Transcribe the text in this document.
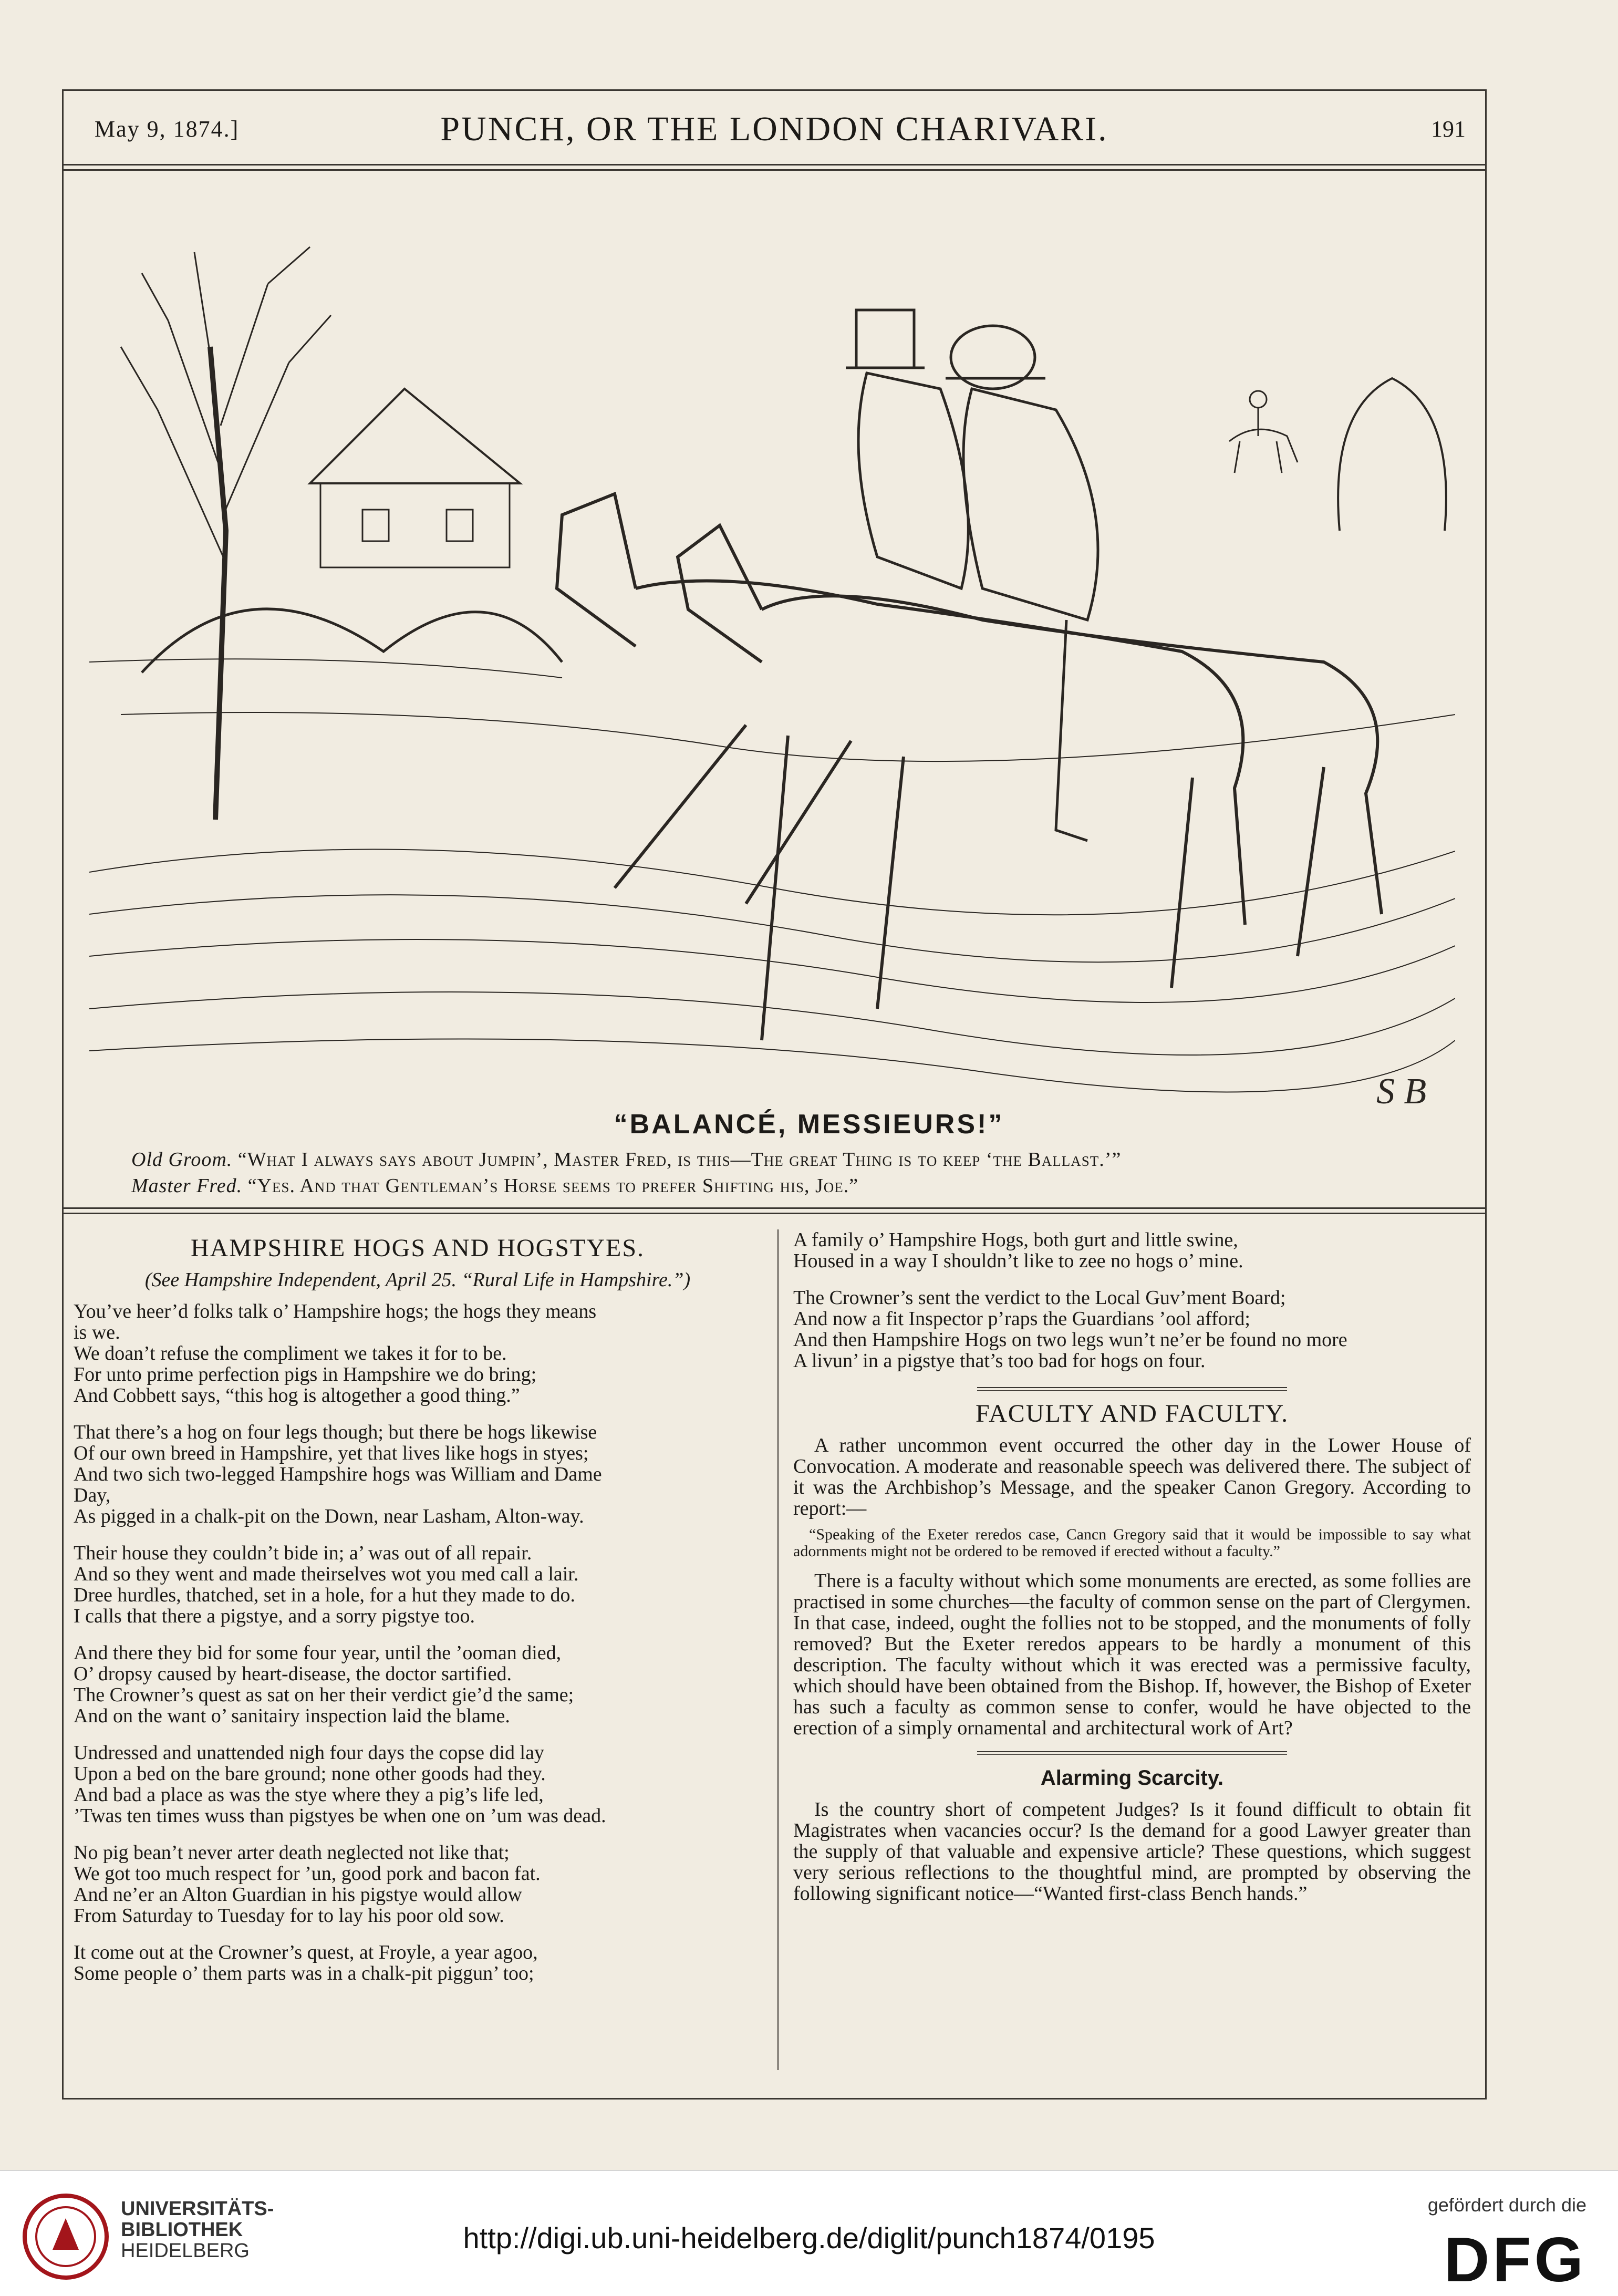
May 9, 1874.]	PUNCH, OR THE LONDON CHARIVARI.	191
S B
“BALANCÉ, MESSIEURS!”
Old Groom. “What I always says about Jumpin’, Master Fred, is this—The great Thing is to keep ‘the Ballast.’”
Master Fred. “Yes. And that Gentleman’s Horse seems to prefer Shifting his, Joe.”
HAMPSHIRE HOGS AND HOGSTYES.
(See Hampshire Independent, April 25. “Rural Life in Hampshire.”)
You’ve heer’d folks talk o’ Hampshire hogs; the hogs they means
is we.
We doan’t refuse the compliment we takes it for to be.
For unto prime perfection pigs in Hampshire we do bring;
And Cobbett says, “this hog is altogether a good thing.”
That there’s a hog on four legs though; but there be hogs likewise
Of our own breed in Hampshire, yet that lives like hogs in styes;
And two sich two-legged Hampshire hogs was William and Dame
Day,
As pigged in a chalk-pit on the Down, near Lasham, Alton-way.
Their house they couldn’t bide in; a’ was out of all repair.
And so they went and made theirselves wot you med call a lair.
Dree hurdles, thatched, set in a hole, for a hut they made to do.
I calls that there a pigstye, and a sorry pigstye too.
And there they bid for some four year, until the ’ooman died,
O’ dropsy caused by heart-disease, the doctor sartified.
The Crowner’s quest as sat on her their verdict gie’d the same;
And on the want o’ sanitairy inspection laid the blame.
Undressed and unattended nigh four days the copse did lay
Upon a bed on the bare ground; none other goods had they.
And bad a place as was the stye where they a pig’s life led,
’Twas ten times wuss than pigstyes be when one on ’um was dead.
No pig bean’t never arter death neglected not like that;
We got too much respect for ’un, good pork and bacon fat.
And ne’er an Alton Guardian in his pigstye would allow
From Saturday to Tuesday for to lay his poor old sow.
It come out at the Crowner’s quest, at Froyle, a year agoo,
Some people o’ them parts was in a chalk-pit piggun’ too;
A family o’ Hampshire Hogs, both gurt and little swine,
Housed in a way I shouldn’t like to zee no hogs o’ mine.
The Crowner’s sent the verdict to the Local Guv’ment Board;
And now a fit Inspector p’raps the Guardians ’ool afford;
And then Hampshire Hogs on two legs wun’t ne’er be found no more
A livun’ in a pigstye that’s too bad for hogs on four.
FACULTY AND FACULTY.

A rather uncommon event occurred the other day in the Lower House of Convocation. A moderate and reasonable speech was delivered there. The subject of it was the Archbishop’s Message, and the speaker Canon Gregory. According to report:—

“Speaking of the Exeter reredos case, Cancn Gregory said that it would be impossible to say what adornments might not be ordered to be removed if erected without a faculty.”

There is a faculty without which some monuments are erected, as some follies are practised in some churches—the faculty of common sense on the part of Clergymen. In that case, indeed, ought the follies not to be stopped, and the monuments of folly removed? But the Exeter reredos appears to be hardly a monument of this description. The faculty without which it was erected was a permissive faculty, which should have been obtained from the Bishop. If, however, the Bishop of Exeter has such a faculty as common sense to confer, would he have objected to the erection of a simply ornamental and architectural work of Art?

Alarming Scarcity.

Is the country short of competent Judges? Is it found difficult to obtain fit Magistrates when vacancies occur? Is the demand for a good Lawyer greater than the supply of that valuable and expensive article? These questions, which suggest very serious reflections to the thoughtful mind, are prompted by observing the following significant notice—“Wanted first-class Bench hands.”

UNIVERSITÄTS-
BIBLIOTHEK
HEIDELBERG	http://digi.ub.uni-heidelberg.de/diglit/punch1874/0195
gefördert durch die
DFG
